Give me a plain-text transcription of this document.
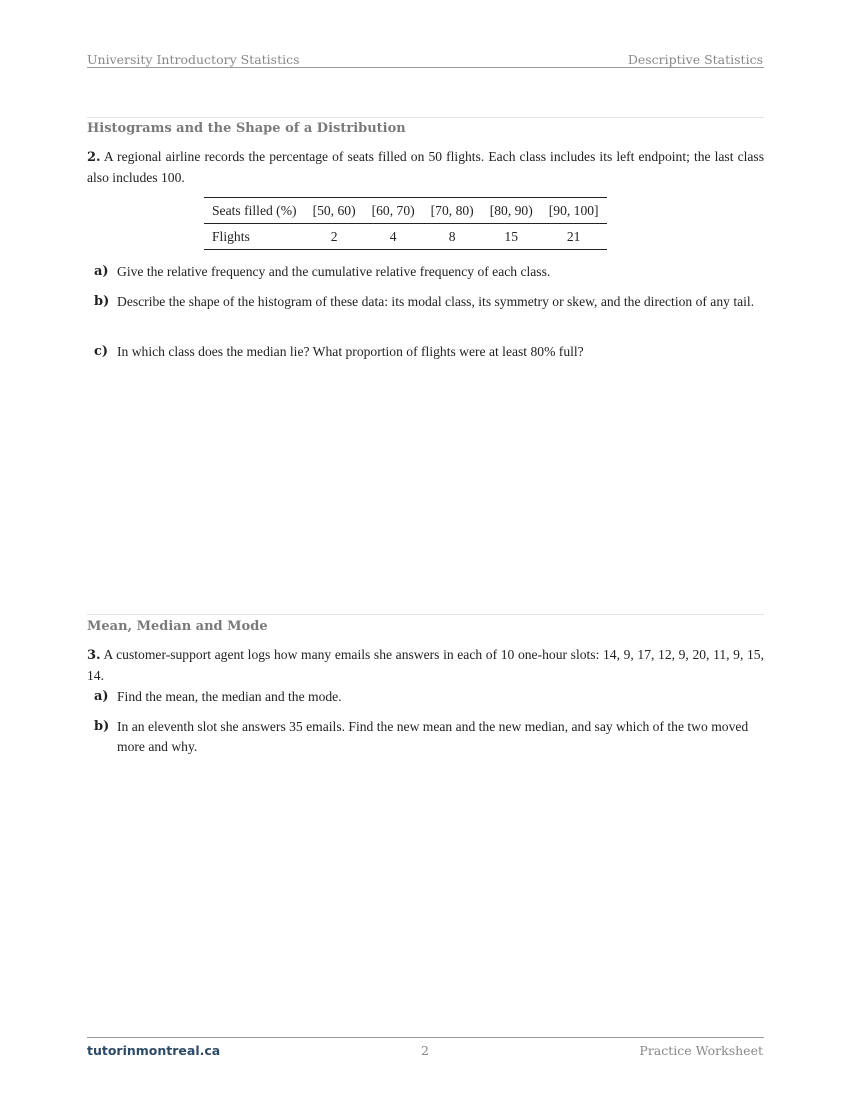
University Introductory Statistics	Descriptive Statistics
Histograms and the Shape of a Distribution
2. A regional airline records the percentage of seats filled on 50 flights. Each class includes its left endpoint; the last class also includes 100.
Seats filled (%)	[50, 60)	[60, 70)	[70, 80)	[80, 90)	[90, 100]
Flights	2	4	8	15	21
a) Give the relative frequency and the cumulative relative frequency of each class.
b) Describe the shape of the histogram of these data: its modal class, its symmetry or skew, and the direction of any tail.
c) In which class does the median lie? What proportion of flights were at least 80% full?
Mean, Median and Mode
3. A customer-support agent logs how many emails she answers in each of 10 one-hour slots: 14, 9, 17, 12, 9, 20, 11, 9, 15, 14.
a) Find the mean, the median and the mode.
b) In an eleventh slot she answers 35 emails. Find the new mean and the new median, and say which of the two moved more and why.
tutorinmontreal.ca	2	Practice Worksheet
